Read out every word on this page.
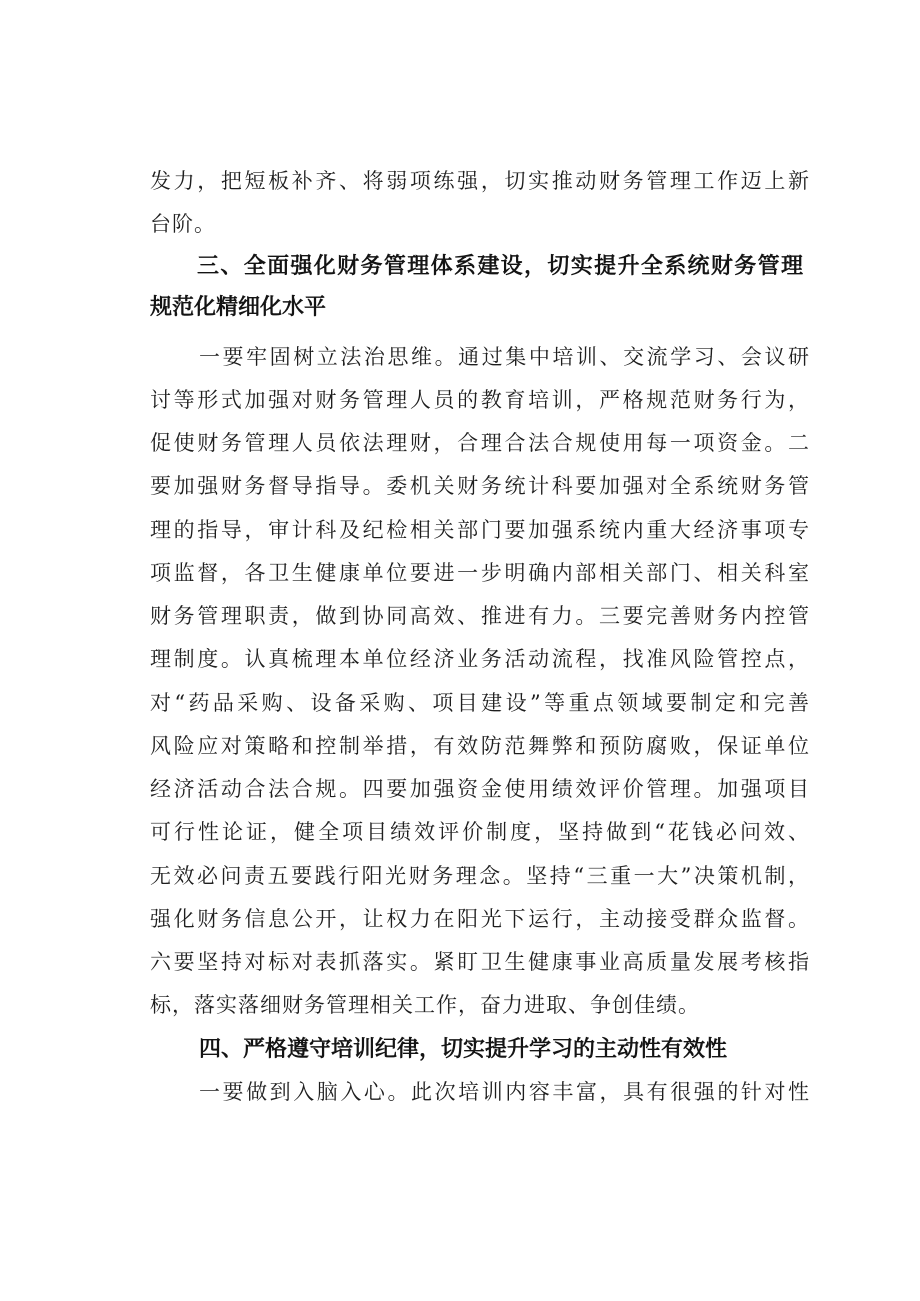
发力，把短板补齐、将弱项练强，切实推动财务管理工作迈上新
台阶。
三、全面强化财务管理体系建设，切实提升全系统财务管理
规范化精细化水平
一要牢固树立法治思维。通过集中培训、交流学习、会议研
讨等形式加强对财务管理人员的教育培训，严格规范财务行为，
促使财务管理人员依法理财，合理合法合规使用每一项资金。二
要加强财务督导指导。委机关财务统计科要加强对全系统财务管
理的指导，审计科及纪检相关部门要加强系统内重大经济事项专
项监督，各卫生健康单位要进一步明确内部相关部门、相关科室
财务管理职责，做到协同高效、推进有力。三要完善财务内控管
理制度。认真梳理本单位经济业务活动流程，找准风险管控点，
对“药品采购、设备采购、项目建设”等重点领域要制定和完善
风险应对策略和控制举措，有效防范舞弊和预防腐败，保证单位
经济活动合法合规。四要加强资金使用绩效评价管理。加强项目
可行性论证，健全项目绩效评价制度，坚持做到“花钱必问效、
无效必问责五要践行阳光财务理念。坚持“三重一大”决策机制，
强化财务信息公开，让权力在阳光下运行，主动接受群众监督。
六要坚持对标对表抓落实。紧盯卫生健康事业高质量发展考核指
标，落实落细财务管理相关工作，奋力进取、争创佳绩。
四、严格遵守培训纪律，切实提升学习的主动性有效性
一要做到入脑入心。此次培训内容丰富，具有很强的针对性
